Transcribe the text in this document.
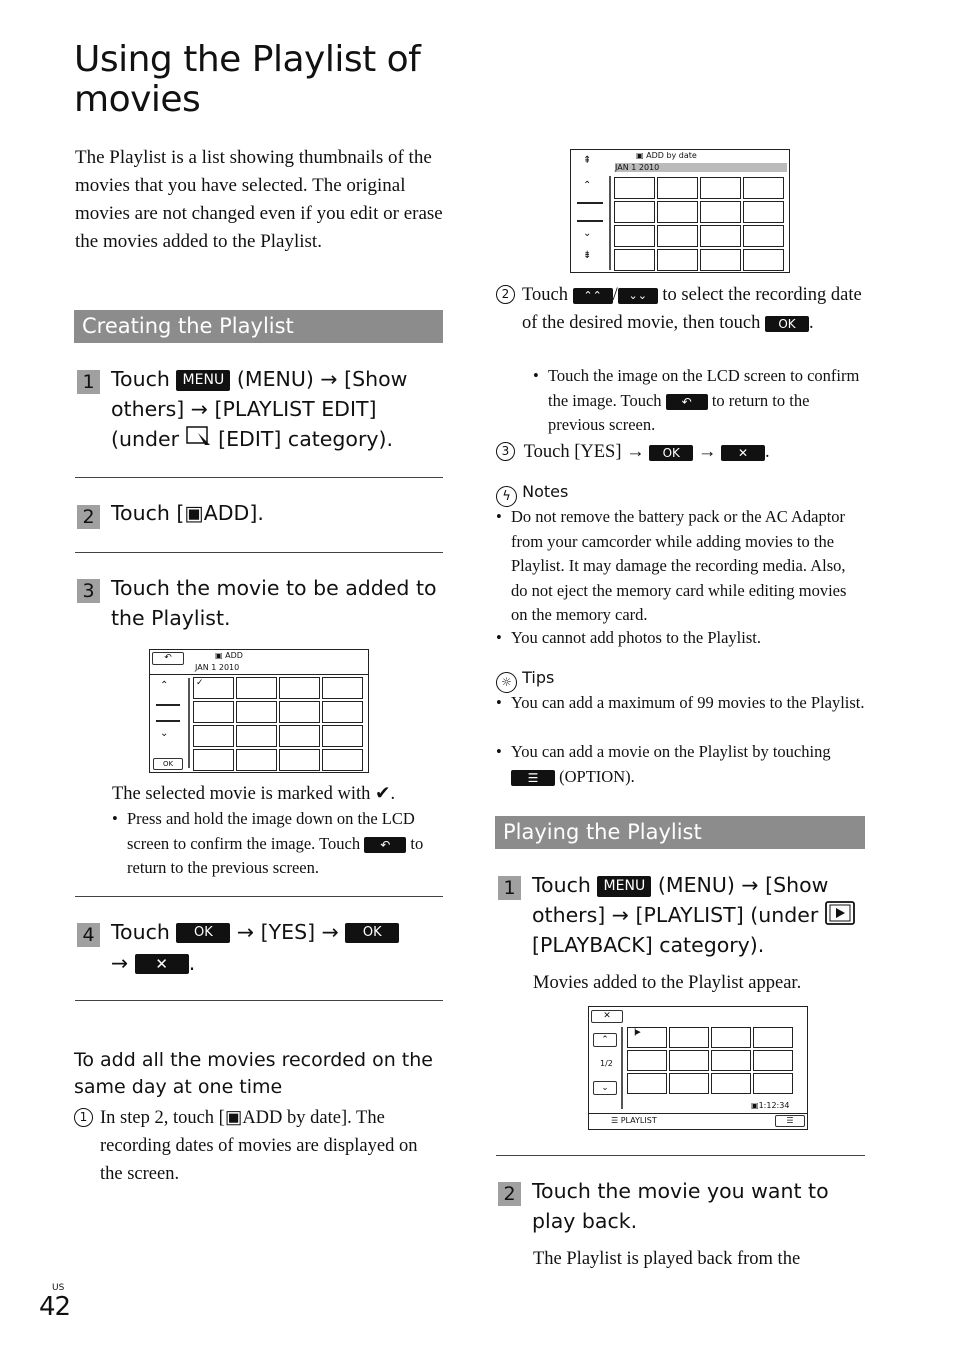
Using the Playlist of movies
The Playlist is a list showing thumbnails of the movies that you have selected. The original movies are not changed even if you edit or erase the movies added to the Playlist.
Creating the Playlist
1 Touch MENU (MENU) → [Show others] → [PLAYLIST EDIT] (under [EDIT] category).
2 Touch [▣ADD].
3 Touch the movie to be added to the Playlist.
↶	▣ ADD
JAN 1 2010
⌃
⌄
OK
✓
The selected movie is marked with ✔.
• Press and hold the image down on the LCD screen to confirm the image. Touch ↶ to return to the previous screen.
4 Touch OK → [YES] → OK
→ ✕ .
To add all the movies recorded on the same day at one time
1 In step 2, touch [▣ADD by date]. The recording dates of movies are displayed on the screen.
⇞	▣ ADD by date
JAN 1 2010
⌃
⌄
⇟
2 Touch ⌃⌃ / ⌄⌄ to select the recording date of the desired movie, then touch OK .
• Touch the image on the LCD screen to confirm the image. Touch ↶ to return to the previous screen.
3 Touch [YES] → OK → ✕ .
ϟ Notes
• Do not remove the battery pack or the AC Adaptor from your camcorder while adding movies to the Playlist. It may damage the recording media. Also, do not eject the memory card while editing movies on the memory card.
• You cannot add photos to the Playlist.
☼ Tips
• You can add a maximum of 99 movies to the Playlist.
• You can add a movie on the Playlist by touching ☰ (OPTION).
Playing the Playlist
1 Touch MENU (MENU) → [Show others] → [PLAYLIST] (under  [PLAYBACK] category).
Movies added to the Playlist appear.
✕
⌃
1/2
⌄
▕▶
▣1:12:34
☰ PLAYLIST	☰
2 Touch the movie you want to play back.
The Playlist is played back from the
US
42
